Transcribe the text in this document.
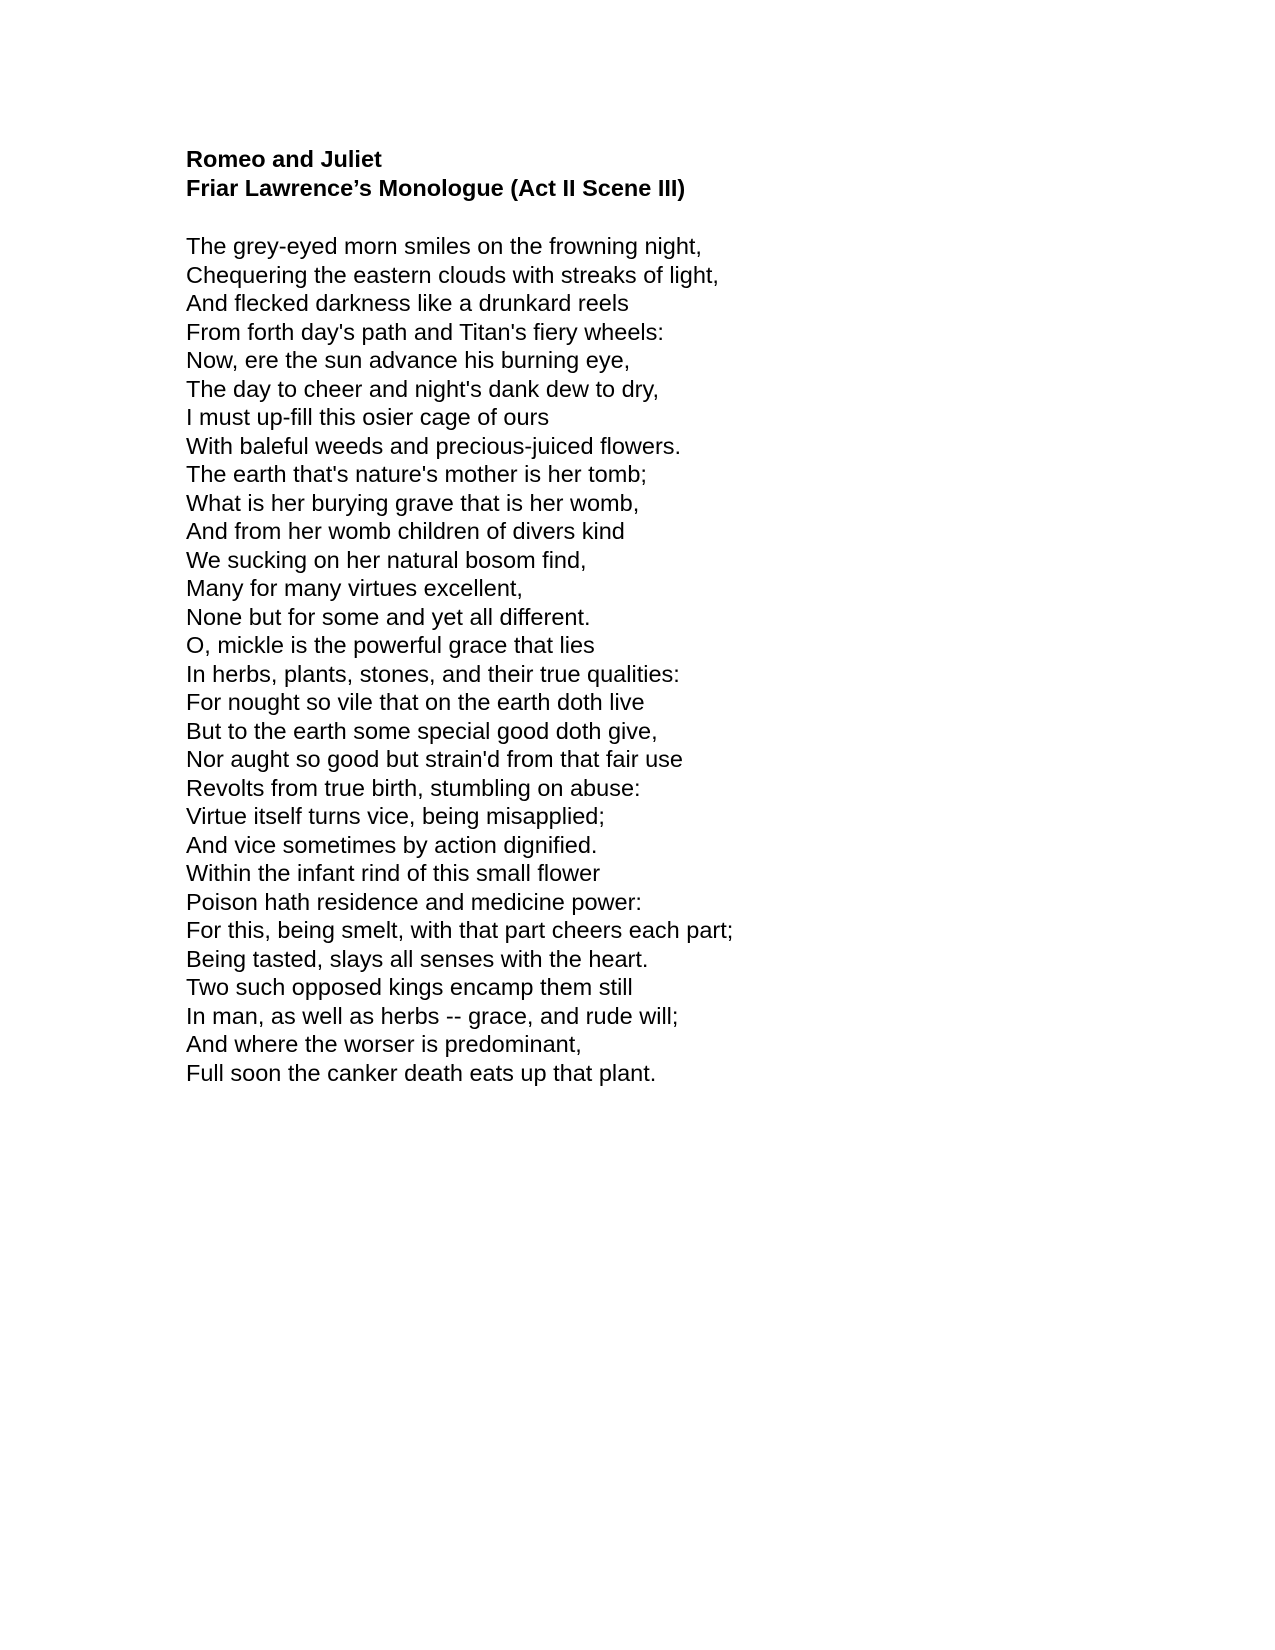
Romeo and Juliet
Friar Lawrence’s Monologue (Act II Scene III)
The grey-eyed morn smiles on the frowning night,
Chequering the eastern clouds with streaks of light,
And flecked darkness like a drunkard reels
From forth day's path and Titan's fiery wheels:
Now, ere the sun advance his burning eye,
The day to cheer and night's dank dew to dry,
I must up-fill this osier cage of ours
With baleful weeds and precious-juiced flowers.
The earth that's nature's mother is her tomb;
What is her burying grave that is her womb,
And from her womb children of divers kind
We sucking on her natural bosom find,
Many for many virtues excellent,
None but for some and yet all different.
O, mickle is the powerful grace that lies
In herbs, plants, stones, and their true qualities:
For nought so vile that on the earth doth live
But to the earth some special good doth give,
Nor aught so good but strain'd from that fair use
Revolts from true birth, stumbling on abuse:
Virtue itself turns vice, being misapplied;
And vice sometimes by action dignified.
Within the infant rind of this small flower
Poison hath residence and medicine power:
For this, being smelt, with that part cheers each part;
Being tasted, slays all senses with the heart.
Two such opposed kings encamp them still
In man, as well as herbs -- grace, and rude will;
And where the worser is predominant,
Full soon the canker death eats up that plant.
